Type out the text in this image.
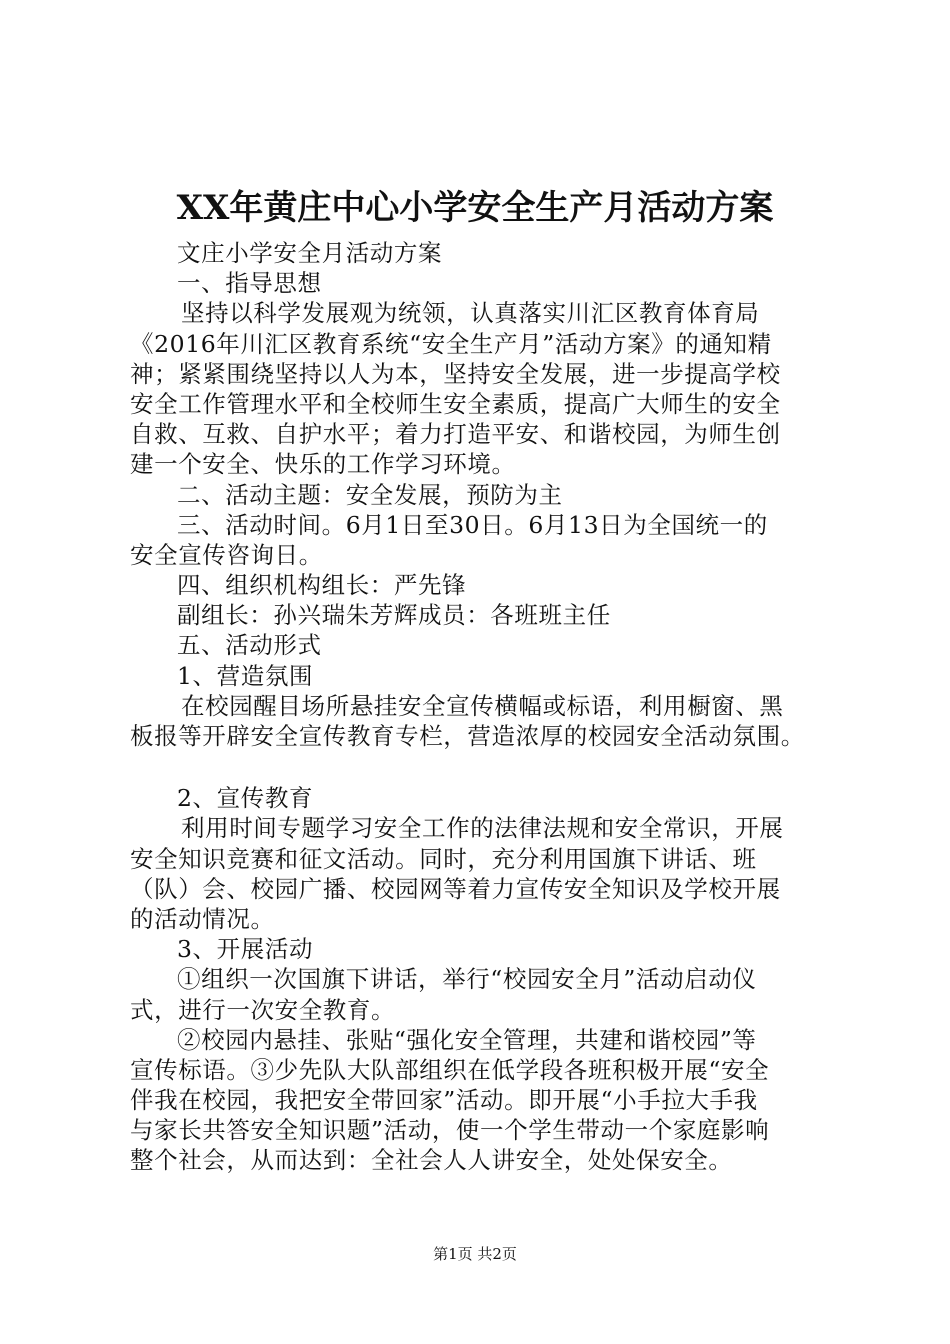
XX年黄庄中心小学安全生产月活动方案
文庄小学安全月活动方案
一、指导思想
坚持以科学发展观为统领，认真落实川汇区教育体育局
《2016年川汇区教育系统“安全生产月”活动方案》的通知精
神；紧紧围绕坚持以人为本，坚持安全发展，进一步提高学校
安全工作管理水平和全校师生安全素质，提高广大师生的安全
自救、互救、自护水平；着力打造平安、和谐校园，为师生创
建一个安全、快乐的工作学习环境。
二、活动主题：安全发展，预防为主
三、活动时间。6月1日至30日。6月13日为全国统一的
安全宣传咨询日。
四、组织机构组长：严先锋
副组长：孙兴瑞朱芳辉成员：各班班主任
五、活动形式
1、营造氛围
在校园醒目场所悬挂安全宣传横幅或标语，利用橱窗、黑
板报等开辟安全宣传教育专栏，营造浓厚的校园安全活动氛围。
2、宣传教育
利用时间专题学习安全工作的法律法规和安全常识，开展
安全知识竞赛和征文活动。同时，充分利用国旗下讲话、班
（队）会、校园广播、校园网等着力宣传安全知识及学校开展
的活动情况。
3、开展活动
①组织一次国旗下讲话，举行“校园安全月”活动启动仪
式，进行一次安全教育。
②校园内悬挂、张贴“强化安全管理，共建和谐校园”等
宣传标语。③少先队大队部组织在低学段各班积极开展“安全
伴我在校园，我把安全带回家”活动。即开展“小手拉大手我
与家长共答安全知识题”活动，使一个学生带动一个家庭影响
整个社会，从而达到：全社会人人讲安全，处处保安全。
第1页 共2页
